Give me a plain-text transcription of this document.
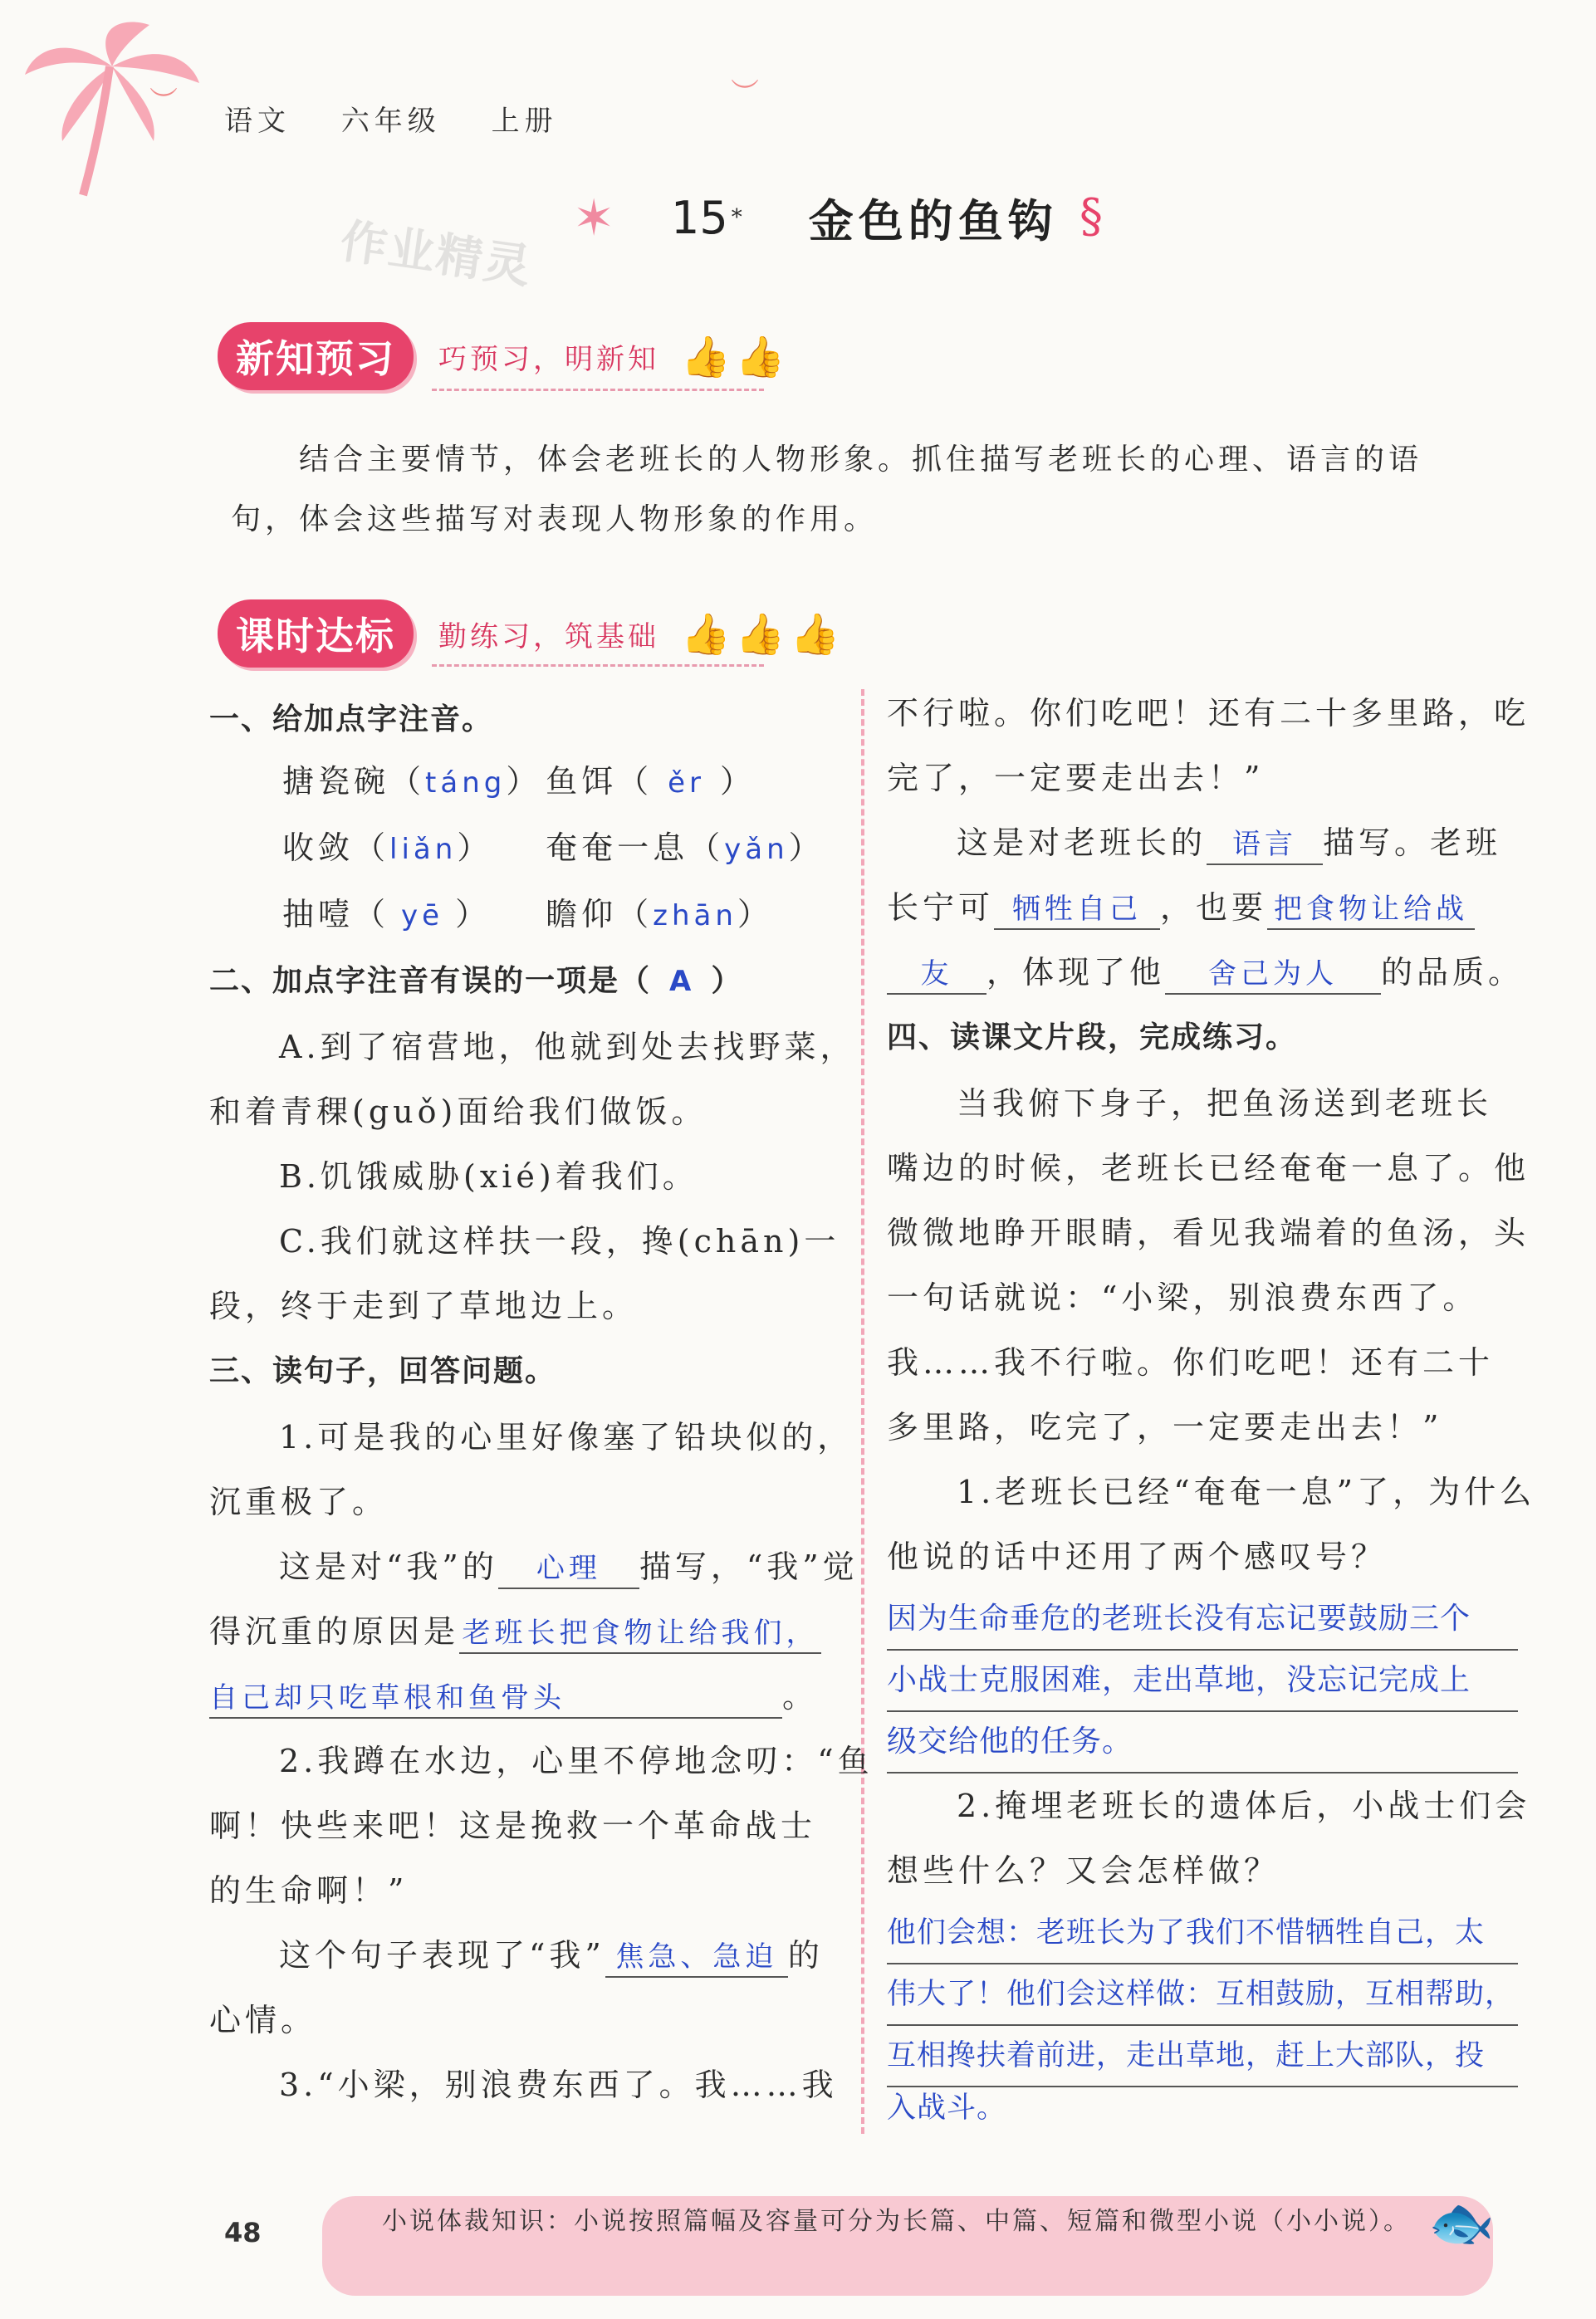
︶	︶
语文 六年级 上册
✶ 15 * 金色的鱼钩 §
作业精灵
新知预习	巧预习，明新知 👍👍
结合主要情节，体会老班长的人物形象。抓住描写老班长的心理、语言的语
句，体会这些描写对表现人物形象的作用。
课时达标	勤练习，筑基础 👍👍👍
一、给加点字注音。
搪瓷碗（táng） 鱼饵（ ěr ）
收敛（liǎn） 奄奄一息（yǎn）
抽噎（ yē ） 瞻仰（zhān）
二、加点字注音有误的一项是（ A ）
A.到了宿营地，他就到处去找野菜，
和着青稞(guǒ)面给我们做饭。
B.饥饿威胁(xié)着我们。
C.我们就这样扶一段，搀(chān)一
段，终于走到了草地边上。
三、读句子，回答问题。
1.可是我的心里好像塞了铅块似的，
沉重极了。
这是对“我”的 心理 描写，“我”觉
得沉重的原因是 老班长把食物让给我们，
自己却只吃草根和鱼骨头	。
2.我蹲在水边，心里不停地念叨：“鱼
啊！快些来吧！这是挽救一个革命战士
的生命啊！”
这个句子表现了“我” 焦急、急迫 的
心情。
3.“小梁，别浪费东西了。我……我
不行啦。你们吃吧！还有二十多里路，吃
完了，一定要走出去！”
这是对老班长的 语言 描写。老班
长宁可 牺牲自己 ，也要 把食物让给战
友 ，体现了他 舍己为人 的品质。
四、读课文片段，完成练习。
当我俯下身子，把鱼汤送到老班长
嘴边的时候，老班长已经奄奄一息了。他
微微地睁开眼睛，看见我端着的鱼汤，头
一句话就说：“小梁，别浪费东西了。
我……我不行啦。你们吃吧！还有二十
多里路，吃完了，一定要走出去！”
1.老班长已经“奄奄一息”了，为什么
他说的话中还用了两个感叹号？
因为生命垂危的老班长没有忘记要鼓励三个
小战士克服困难，走出草地，没忘记完成上
级交给他的任务。
2.掩埋老班长的遗体后，小战士们会
想些什么？又会怎样做？
他们会想：老班长为了我们不惜牺牲自己，太
伟大了！他们会这样做：互相鼓励，互相帮助，
互相搀扶着前进，走出草地，赶上大部队，投
入战斗。
48	小说体裁知识：小说按照篇幅及容量可分为长篇、中篇、短篇和微型小说（小小说）。 🐟
